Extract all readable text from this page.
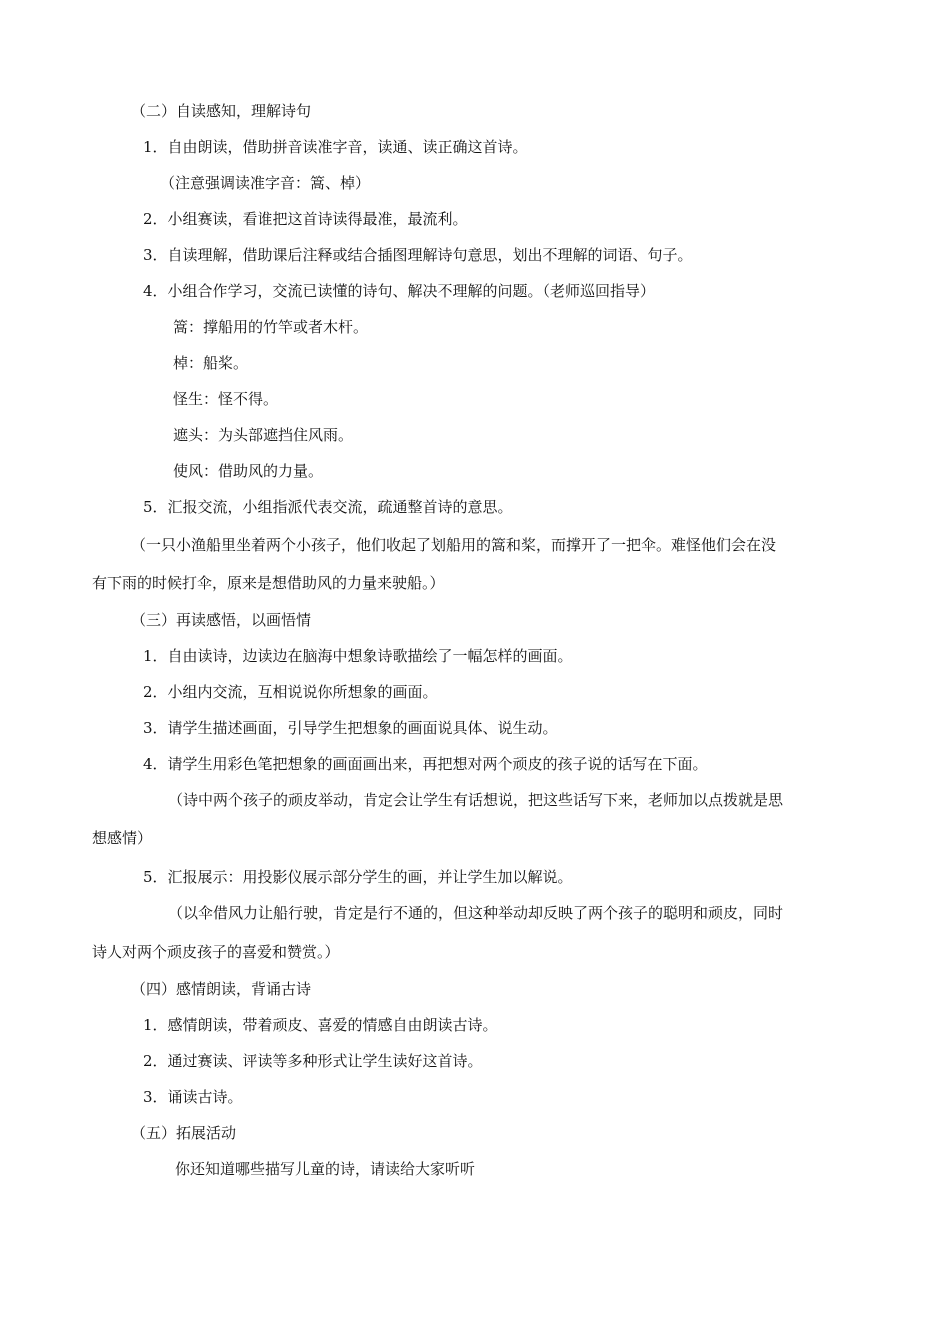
（二）自读感知，理解诗句
1．自由朗读，借助拼音读准字音，读通、读正确这首诗。
（注意强调读准字音：篙、棹）
2．小组赛读，看谁把这首诗读得最准，最流利。
3．自读理解，借助课后注释或结合插图理解诗句意思，划出不理解的词语、句子。
4．小组合作学习，交流已读懂的诗句、解决不理解的问题。（老师巡回指导）
篙：撑船用的竹竿或者木杆。
棹：船桨。
怪生：怪不得。
遮头：为头部遮挡住风雨。
使风：借助风的力量。
5．汇报交流，小组指派代表交流，疏通整首诗的意思。
（一只小渔船里坐着两个小孩子，他们收起了划船用的篙和桨，而撑开了一把伞。难怪他们会在没
有下雨的时候打伞，原来是想借助风的力量来驶船。）
（三）再读感悟，以画悟情
1．自由读诗，边读边在脑海中想象诗歌描绘了一幅怎样的画面。
2．小组内交流，互相说说你所想象的画面。
3．请学生描述画面，引导学生把想象的画面说具体、说生动。
4．请学生用彩色笔把想象的画面画出来，再把想对两个顽皮的孩子说的话写在下面。
（诗中两个孩子的顽皮举动，肯定会让学生有话想说，把这些话写下来，老师加以点拨就是思
想感情）
5．汇报展示：用投影仪展示部分学生的画，并让学生加以解说。
（以伞借风力让船行驶，肯定是行不通的，但这种举动却反映了两个孩子的聪明和顽皮，同时
诗人对两个顽皮孩子的喜爱和赞赏。）
（四）感情朗读，背诵古诗
1．感情朗读，带着顽皮、喜爱的情感自由朗读古诗。
2．通过赛读、评读等多种形式让学生读好这首诗。
3．诵读古诗。
（五）拓展活动
你还知道哪些描写儿童的诗，请读给大家听听
